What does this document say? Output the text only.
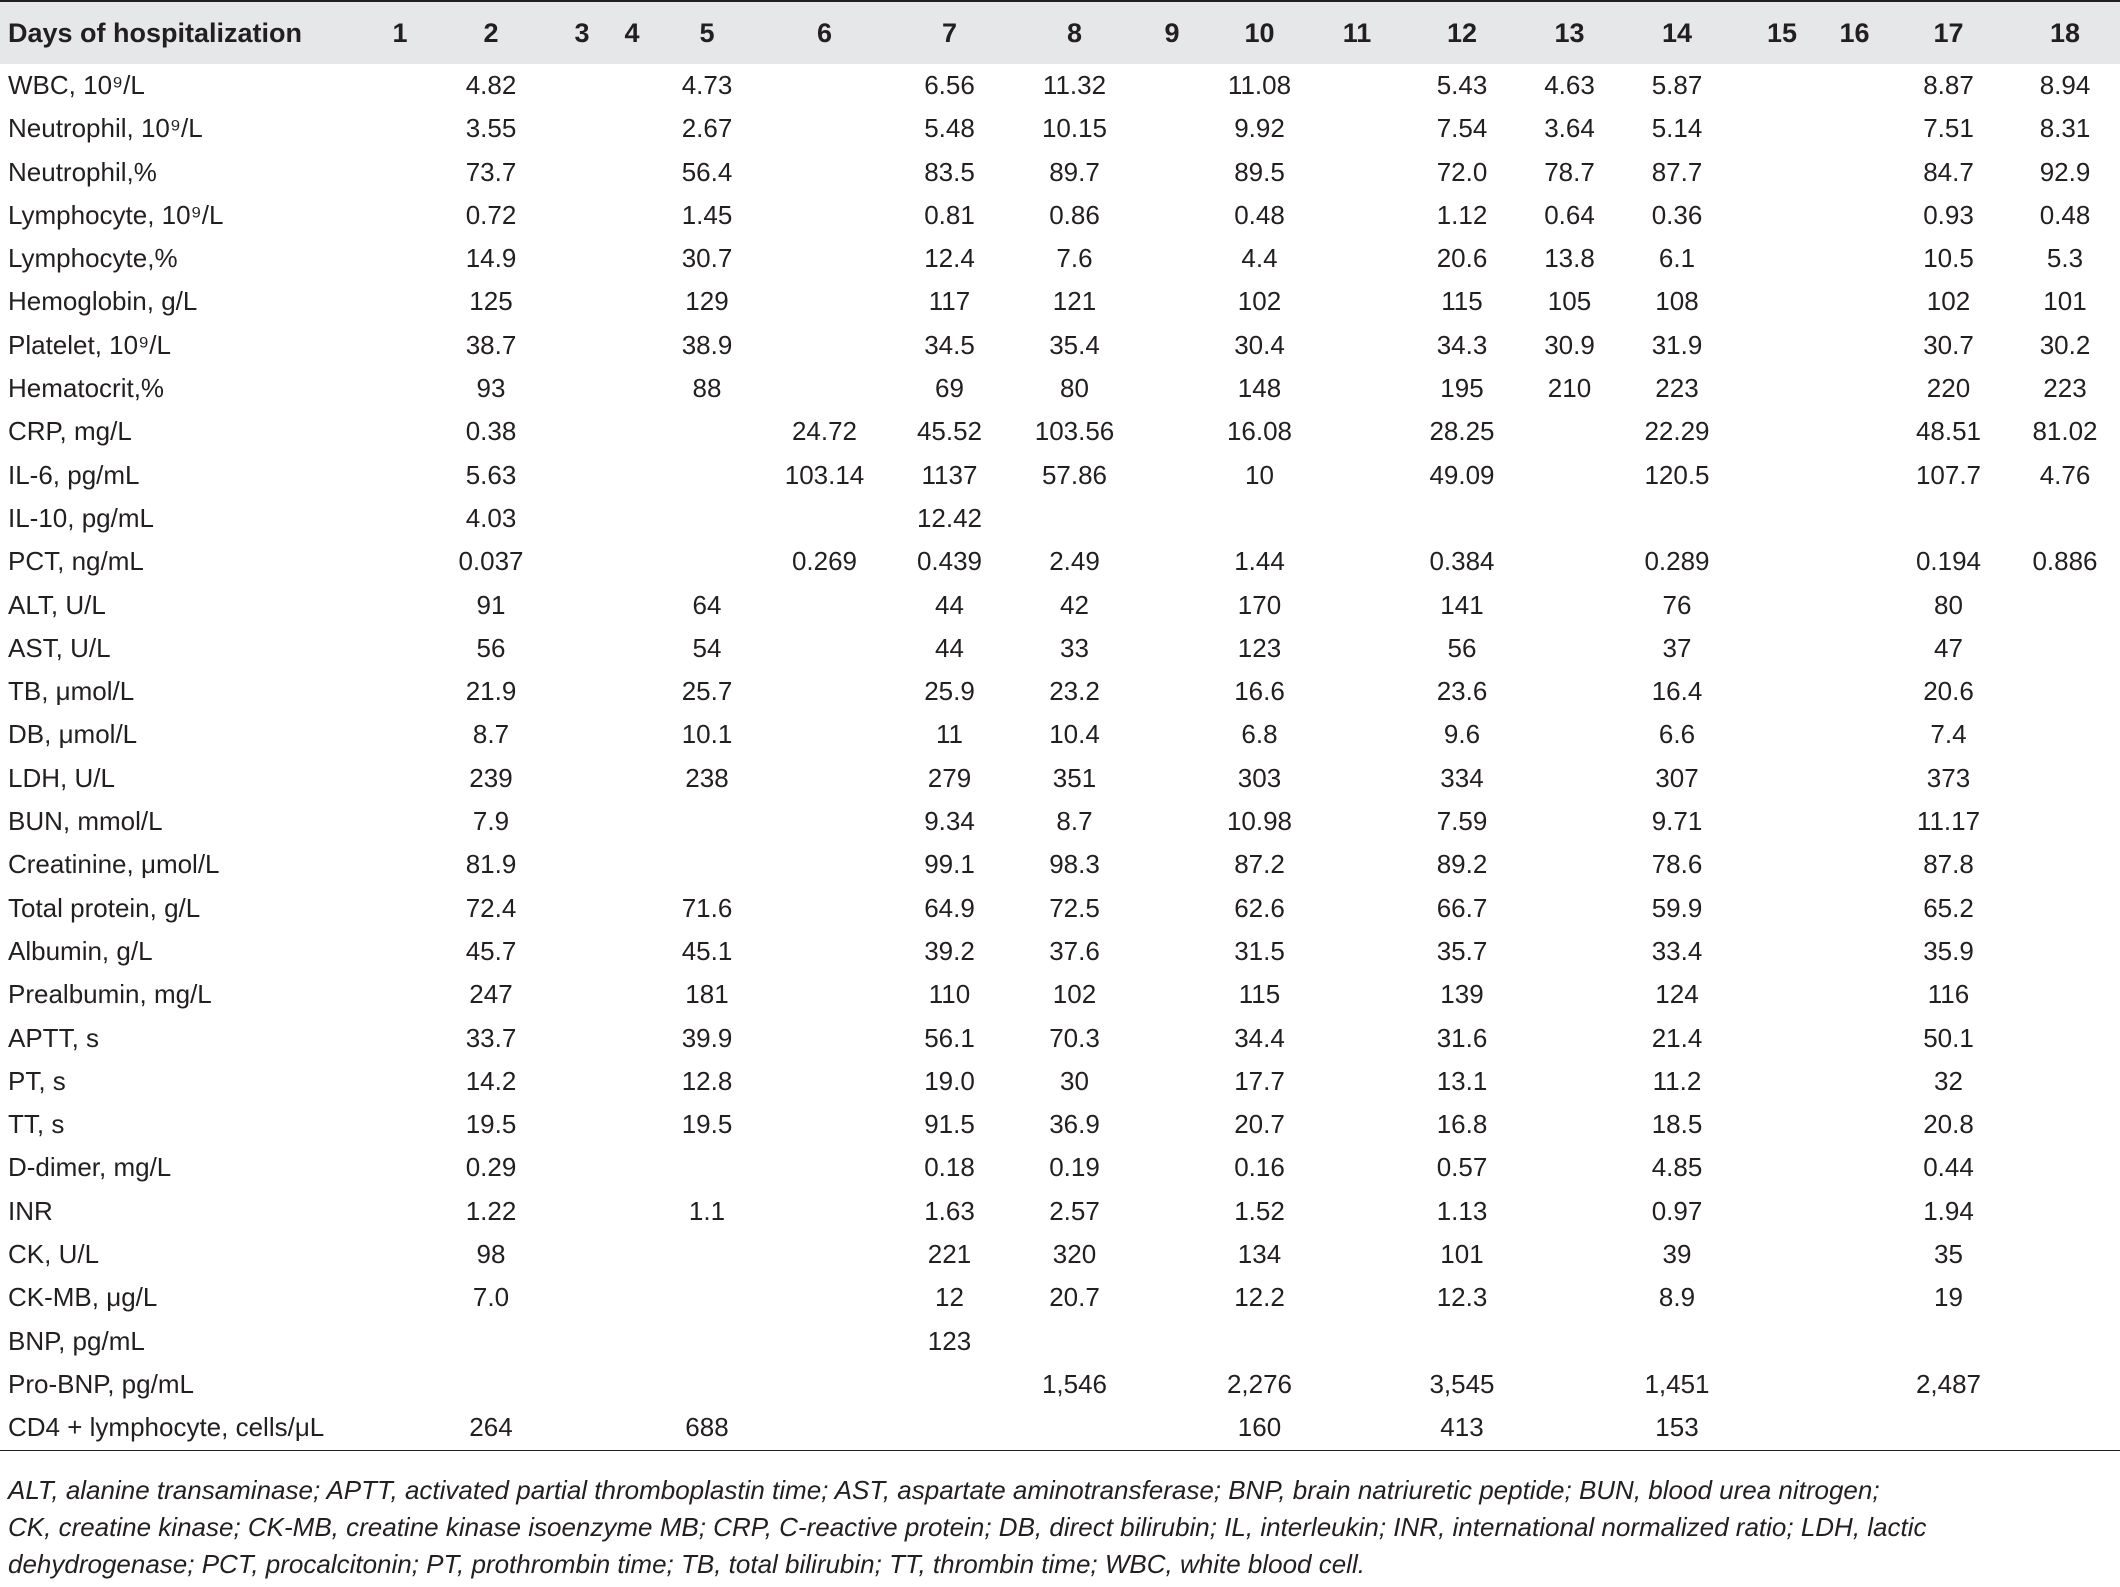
Days of hospitalization	1	2	3	4	5	6	7	8	9	10	11	12	13	14	15	16	17	18
WBC, 10⁹/L		4.82			4.73		6.56	11.32		11.08		5.43	4.63	5.87			8.87	8.94
Neutrophil, 10⁹/L		3.55			2.67		5.48	10.15		9.92		7.54	3.64	5.14			7.51	8.31
Neutrophil,%		73.7			56.4		83.5	89.7		89.5		72.0	78.7	87.7			84.7	92.9
Lymphocyte, 10⁹/L		0.72			1.45		0.81	0.86		0.48		1.12	0.64	0.36			0.93	0.48
Lymphocyte,%		14.9			30.7		12.4	7.6		4.4		20.6	13.8	6.1			10.5	5.3
Hemoglobin, g/L		125			129		117	121		102		115	105	108			102	101
Platelet, 10⁹/L		38.7			38.9		34.5	35.4		30.4		34.3	30.9	31.9			30.7	30.2
Hematocrit,%		93			88		69	80		148		195	210	223			220	223
CRP, mg/L		0.38				24.72	45.52	103.56		16.08		28.25		22.29			48.51	81.02
IL-6, pg/mL		5.63				103.14	1137	57.86		10		49.09		120.5			107.7	4.76
IL-10, pg/mL		4.03					12.42											
PCT, ng/mL		0.037				0.269	0.439	2.49		1.44		0.384		0.289			0.194	0.886
ALT, U/L		91			64		44	42		170		141		76			80	
AST, U/L		56			54		44	33		123		56		37			47	
TB, μmol/L		21.9			25.7		25.9	23.2		16.6		23.6		16.4			20.6	
DB, μmol/L		8.7			10.1		11	10.4		6.8		9.6		6.6			7.4	
LDH, U/L		239			238		279	351		303		334		307			373	
BUN, mmol/L		7.9					9.34	8.7		10.98		7.59		9.71			11.17	
Creatinine, μmol/L		81.9					99.1	98.3		87.2		89.2		78.6			87.8	
Total protein, g/L		72.4			71.6		64.9	72.5		62.6		66.7		59.9			65.2	
Albumin, g/L		45.7			45.1		39.2	37.6		31.5		35.7		33.4			35.9	
Prealbumin, mg/L		247			181		110	102		115		139		124			116	
APTT, s		33.7			39.9		56.1	70.3		34.4		31.6		21.4			50.1	
PT, s		14.2			12.8		19.0	30		17.7		13.1		11.2			32	
TT, s		19.5			19.5		91.5	36.9		20.7		16.8		18.5			20.8	
D-dimer, mg/L		0.29					0.18	0.19		0.16		0.57		4.85			0.44	
INR		1.22			1.1		1.63	2.57		1.52		1.13		0.97			1.94	
CK, U/L		98					221	320		134		101		39			35	
CK-MB, μg/L		7.0					12	20.7		12.2		12.3		8.9			19	
BNP, pg/mL							123											
Pro-BNP, pg/mL								1,546		2,276		3,545		1,451			2,487	
CD4 + lymphocyte, cells/μL		264			688					160		413		153				
ALT, alanine transaminase; APTT, activated partial thromboplastin time; AST, aspartate aminotransferase; BNP, brain natriuretic peptide; BUN, blood urea nitrogen;
CK, creatine kinase; CK-MB, creatine kinase isoenzyme MB; CRP, C-reactive protein; DB, direct bilirubin; IL, interleukin; INR, international normalized ratio; LDH, lactic
dehydrogenase; PCT, procalcitonin; PT, prothrombin time; TB, total bilirubin; TT, thrombin time; WBC, white blood cell.
